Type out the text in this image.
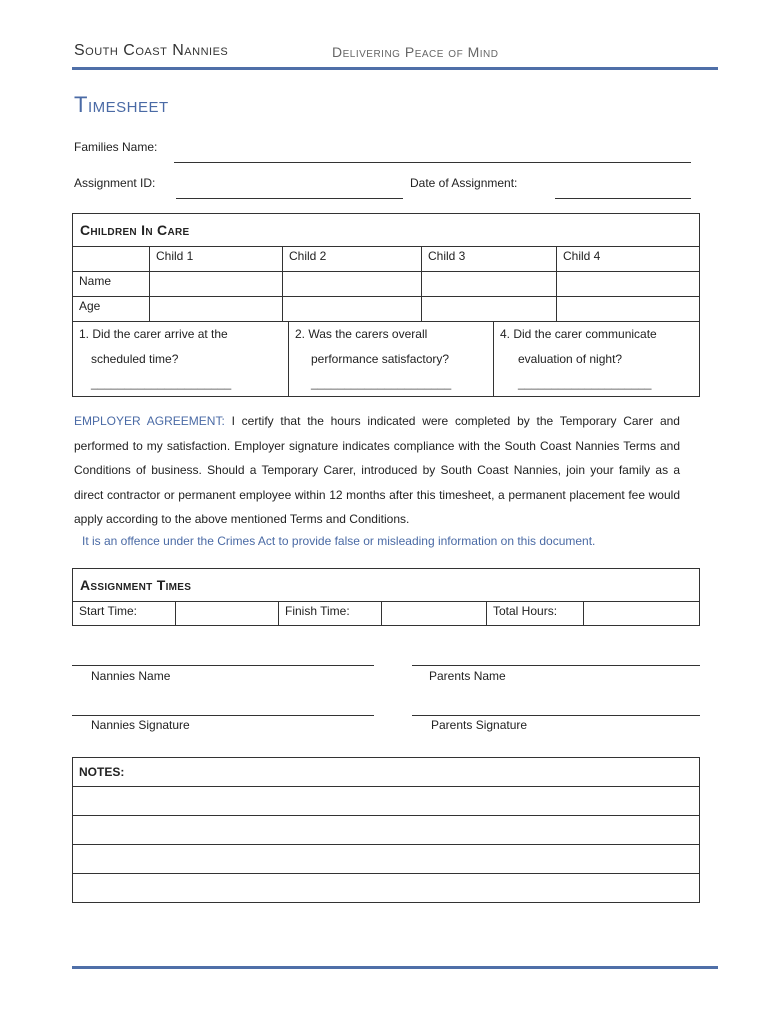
South Coast Nannies	Delivering Peace of Mind
Timesheet
Families Name:
Assignment ID:	Date of Assignment:
Children In Care				
	Child 1	Child 2	Child 3	Child 4
Name				
Age				
1. Did the carer arrive at the
scheduled time?
_____________________

2. Was the carers overall
performance satisfactory?
_____________________

4. Did the carer communicate
evaluation of night?
____________________
EMPLOYER AGREEMENT: I certify that the hours indicated were completed by the Temporary Carer and performed to my satisfaction. Employer signature indicates compliance with the South Coast Nannies Terms and Conditions of business. Should a Temporary Carer, introduced by South Coast Nannies, join your family as a direct contractor or permanent employee within 12 months after this timesheet, a permanent placement fee would apply according to the above mentioned Terms and Conditions.
It is an offence under the Crimes Act to provide false or misleading information on this document.
Assignment Times
Start Time:		Finish Time:		Total Hours:	
Nannies Name	Parents Name
Nannies Signature	Parents Signature
NOTES:
